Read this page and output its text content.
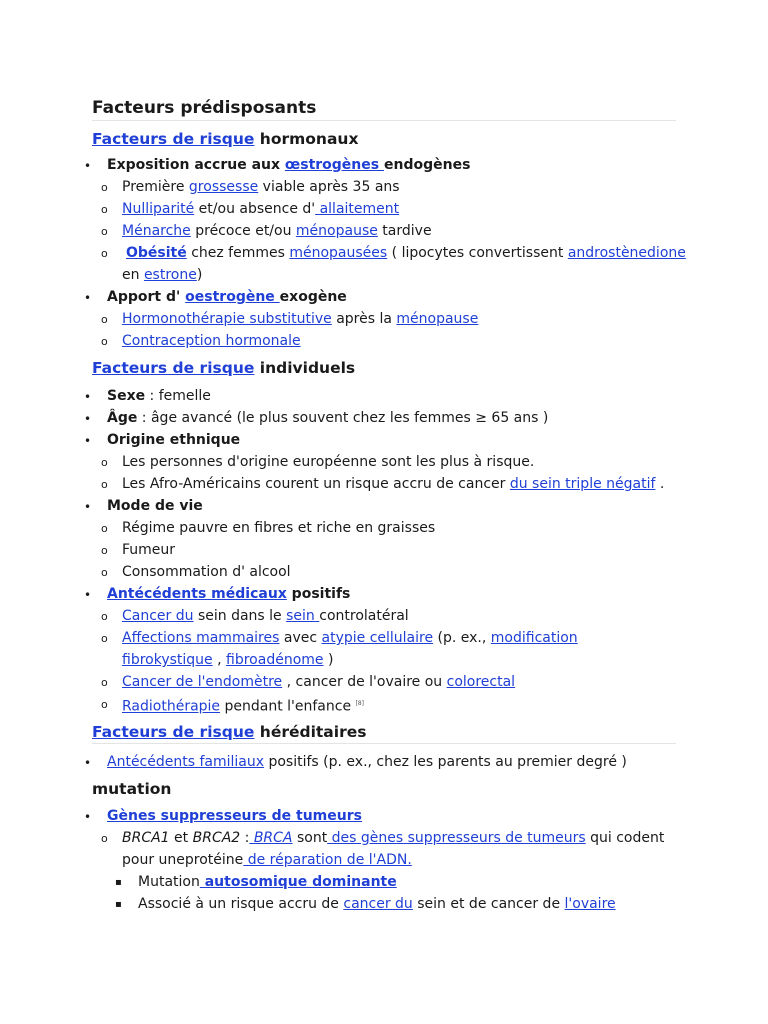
Facteurs prédisposants
Facteurs de risque hormonaux
• Exposition accrue aux œstrogènes endogènes
o Première grossesse viable après 35 ans
o Nulliparité et/ou absence d' allaitement
o Ménarche précoce et/ou ménopause tardive
o Obésité chez femmes ménopausées ( lipocytes convertissent androstènedione
en estrone)
• Apport d' oestrogène exogène
o Hormonothérapie substitutive après la ménopause
o Contraception hormonale
Facteurs de risque individuels
• Sexe : femelle
• Âge : âge avancé (le plus souvent chez les femmes ≥ 65 ans )
• Origine ethnique
o Les personnes d'origine européenne sont les plus à risque.
o Les Afro-Américains courent un risque accru de cancer du sein triple négatif .
• Mode de vie
o Régime pauvre en fibres et riche en graisses
o Fumeur
o Consommation d' alcool
• Antécédents médicaux positifs
o Cancer du sein dans le sein controlatéral
o Affections mammaires avec atypie cellulaire (p. ex., modification
fibrokystique , fibroadénome )
o Cancer de l'endomètre , cancer de l'ovaire ou colorectal
o Radiothérapie pendant l'enfance [8]
Facteurs de risque héréditaires
• Antécédents familiaux positifs (p. ex., chez les parents au premier degré )
mutation
• Gènes suppresseurs de tumeurs
o BRCA1 et BRCA2 : BRCA sont des gènes suppresseurs de tumeurs qui codent
pour uneprotéine de réparation de l'ADN.
▪ Mutation autosomique dominante
▪ Associé à un risque accru de cancer du sein et de cancer de l'ovaire
